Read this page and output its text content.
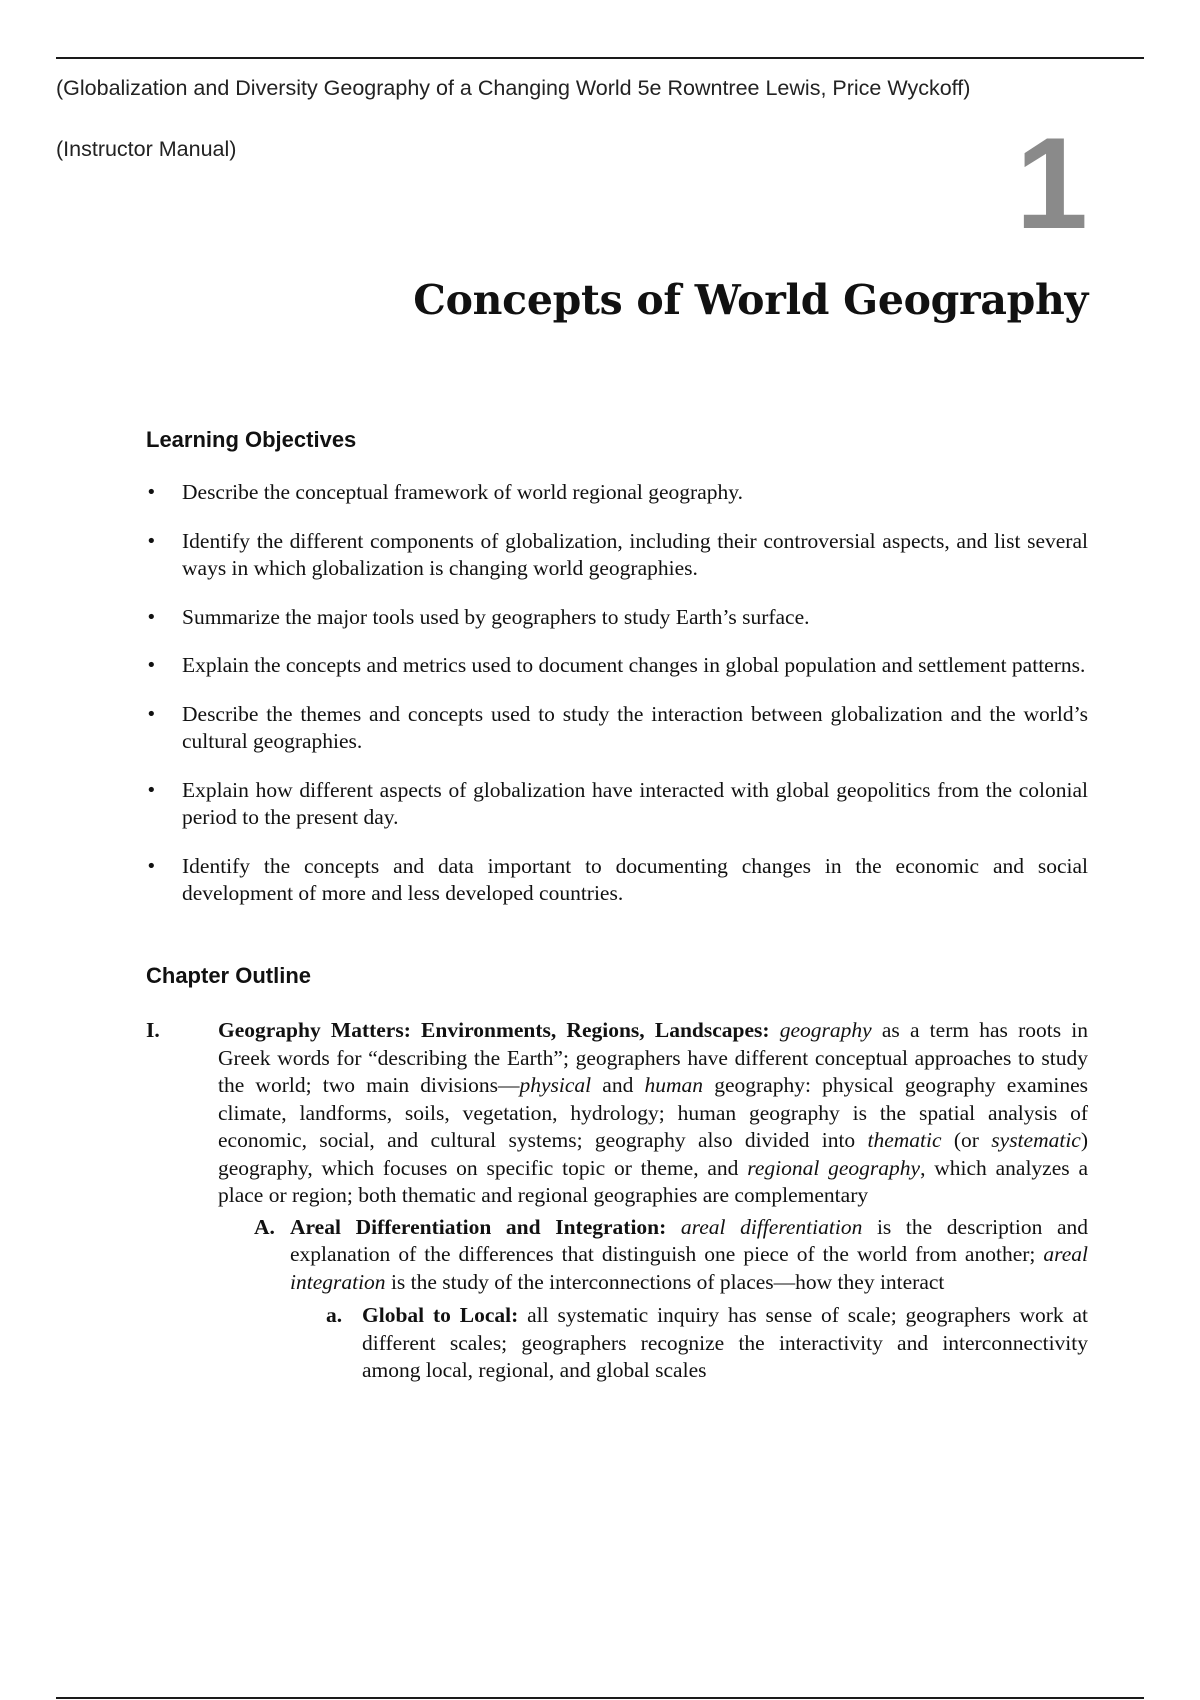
(Globalization and Diversity Geography of a Changing World 5e Rowntree Lewis, Price Wyckoff)
(Instructor Manual)	1
Concepts of World Geography
Learning Objectives
• Describe the conceptual framework of world regional geography.
• Identify the different components of globalization, including their controversial aspects, and list several ways in which globalization is changing world geographies.
• Summarize the major tools used by geographers to study Earth’s surface.
• Explain the concepts and metrics used to document changes in global population and settlement patterns.
• Describe the themes and concepts used to study the interaction between globalization and the world’s cultural geographies.
• Explain how different aspects of globalization have interacted with global geopolitics from the colonial period to the present day.
• Identify the concepts and data important to documenting changes in the economic and social development of more and less developed countries.
Chapter Outline
I.	Geography Matters: Environments, Regions, Landscapes: geography as a term has roots in Greek words for “describing the Earth”; geographers have different conceptual approaches to study the world; two main divisions—physical and human geography: physical geography examines climate, landforms, soils, vegetation, hydrology; human geography is the spatial analysis of economic, social, and cultural systems; geography also divided into thematic (or systematic) geography, which focuses on specific topic or theme, and regional geography, which analyzes a place or region; both thematic and regional geographies are complementary
A. Areal Differentiation and Integration: areal differentiation is the description and explanation of the differences that distinguish one piece of the world from another; areal integration is the study of the interconnections of places—how they interact
a. Global to Local: all systematic inquiry has sense of scale; geographers work at different scales; geographers recognize the interactivity and interconnectivity among local, regional, and global scales
